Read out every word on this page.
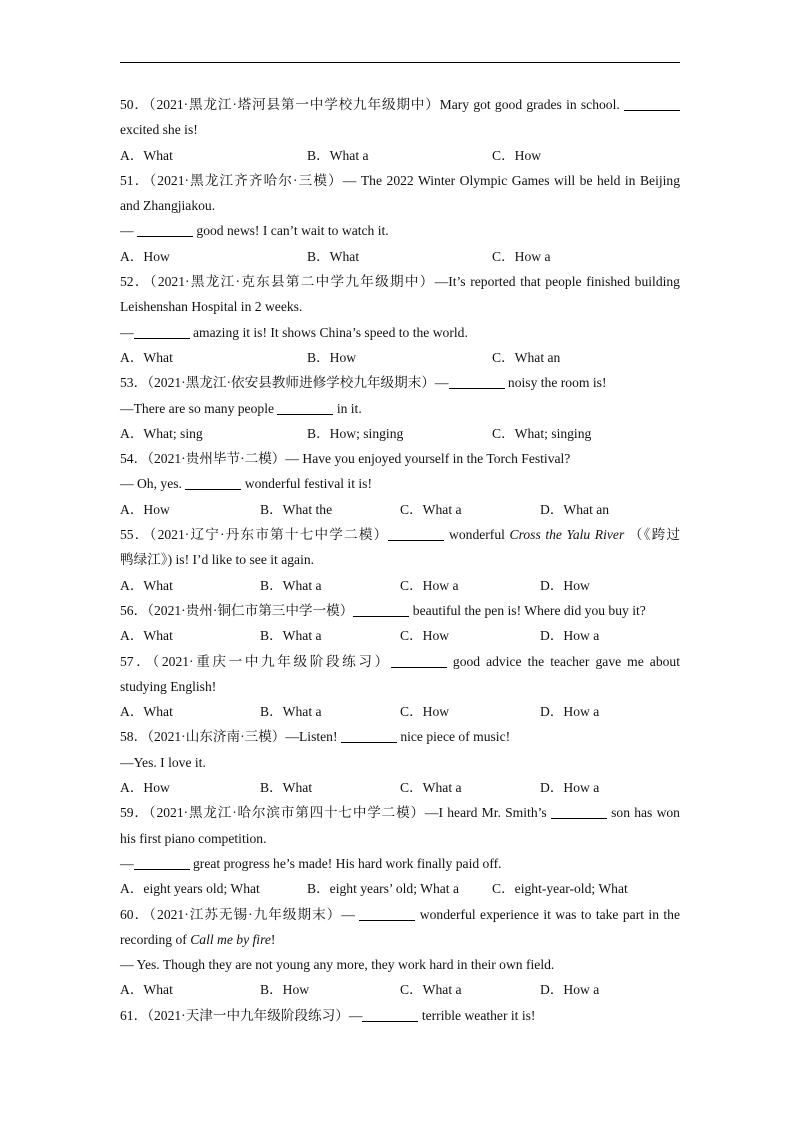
50．（2021·黑龙江·塔河县第一中学校九年级期中）Mary got good grades in school.
excited she is!
A．What	B．What a	C．How
51．（2021·黑龙江齐齐哈尔·三模）— The 2022 Winter Olympic Games will be held in Beijing
and Zhangjiakou.
—	good news! I can’t wait to watch it.
A．How	B．What	C．How a
52．（2021·黑龙江·克东县第二中学九年级期中）—It’s reported that people finished building
Leishenshan Hospital in 2 weeks.
—	amazing it is! It shows China’s speed to the world.
A．What	B．How	C．What an
53．（2021·黑龙江·依安县教师进修学校九年级期末）—	noisy the room is!
—There are so many people	in it.
A．What; sing	B．How; singing	C．What; singing
54．（2021·贵州毕节·二模）— Have you enjoyed yourself in the Torch Festival?
— Oh, yes.	wonderful festival it is!
A．How	B．What the	C．What a	D．What an
55．（2021·辽宁·丹东市第十七中学二模）	wonderful Cross the Yalu River （《跨过
鸭绿江》) is! I’d like to see it again.
A．What	B．What a	C．How a	D．How
56．（2021·贵州·铜仁市第三中学一模）	beautiful the pen is! Where did you buy it?
A．What	B．What a	C．How	D．How a
57．（2021·重庆一中九年级阶段练习）	good advice the teacher gave me about
studying English!
A．What	B．What a	C．How	D．How a
58．（2021·山东济南·三模）—Listen!	nice piece of music!
—Yes. I love it.
A．How	B．What	C．What a	D．How a
59．（2021·黑龙江·哈尔滨市第四十七中学二模）—I heard Mr. Smith’s	son has won
his first piano competition.
—	great progress he’s made! His hard work finally paid off.
A．eight years old; What	B．eight years’ old; What a C．eight-year-old; What
60．（2021·江苏无锡·九年级期末）—	wonderful experience it was to take part in the
recording of Call me by fire!
— Yes. Though they are not young any more, they work hard in their own field.
A．What	B．How	C．What a	D．How a
61．（2021·天津一中九年级阶段练习）—	terrible weather it is!
